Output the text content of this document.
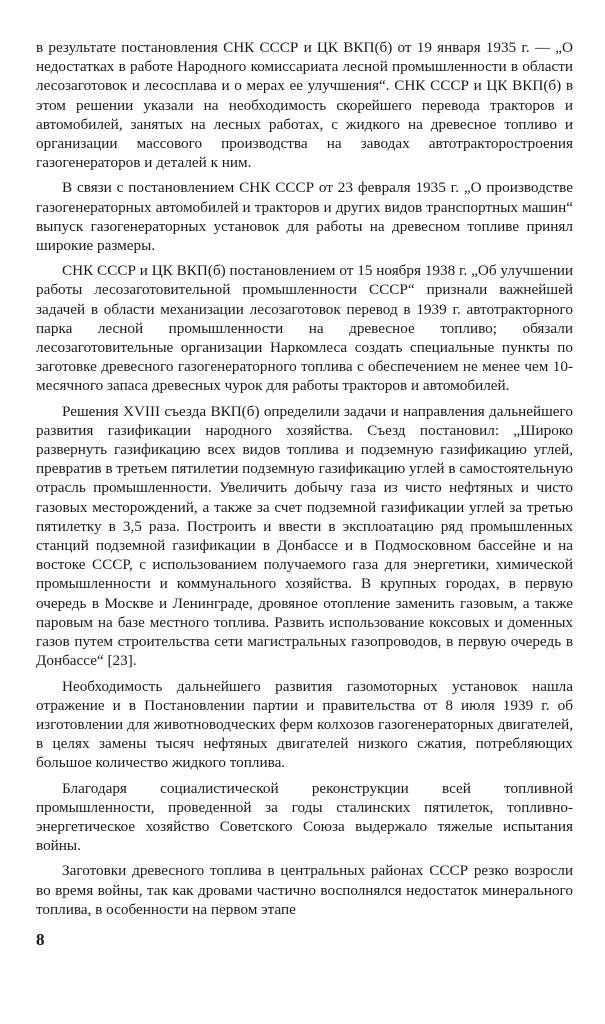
в результате постановления СНК СССР и ЦК ВКП(б) от 19 января 1935 г. — „О недостатках в работе Народного комиссариата лесной промышленности в области лесозаготовок и лесосплава и о мерах ее улучшения“. СНК СССР и ЦК ВКП(б) в этом решении указали на необходимость скорейшего перевода тракторов и автомобилей, занятых на лесных работах, с жидкого на древесное топливо и организации массового производства на заводах автотракторостроения газогенераторов и деталей к ним.

В связи с постановлением СНК СССР от 23 февраля 1935 г. „О производстве газогенераторных автомобилей и тракторов и других видов транспортных машин“ выпуск газогенераторных установок для работы на древесном топливе принял широкие размеры.

СНК СССР и ЦК ВКП(б) постановлением от 15 ноября 1938 г. „Об улучшении работы лесозаготовительной промышленности СССР“ признали важнейшей задачей в области механизации лесозаготовок перевод в 1939 г. автотракторного парка лесной промышленности на древесное топливо; обязали лесозаготовительные организации Наркомлеса создать специальные пункты по заготовке древесного газогенераторного топлива с обеспечением не менее чем 10-месячного запаса древесных чурок для работы тракторов и автомобилей.

Решения XVIII съезда ВКП(б) определили задачи и направления дальнейшего развития газификации народного хозяйства. Съезд постановил: „Широко развернуть газификацию всех видов топлива и подземную газификацию углей, превратив в третьем пятилетии подземную газификацию углей в самостоятельную отрасль промышленности. Увеличить добычу газа из чисто нефтяных и чисто газовых месторождений, а также за счет подземной газификации углей за третью пятилетку в 3,5 раза. Построить и ввести в эксплоатацию ряд промышленных станций подземной газификации в Донбассе и в Подмосковном бассейне и на востоке СССР, с использованием получаемого газа для энергетики, химической промышленности и коммунального хозяйства. В крупных городах, в первую очередь в Москве и Ленинграде, дровяное отопление заменить газовым, а также паровым на базе местного топлива. Развить использование коксовых и доменных газов путем строительства сети магистральных газопроводов, в первую очередь в Донбассе“ [23].

Необходимость дальнейшего развития газомоторных установок нашла отражение и в Постановлении партии и правительства от 8 июля 1939 г. об изготовлении для животноводческих ферм колхозов газогенераторных двигателей, в целях замены тысяч нефтяных двигателей низкого сжатия, потребляющих большое количество жидкого топлива.

Благодаря социалистической реконструкции всей топливной промышленности, проведенной за годы сталинских пятилеток, топливно-энергетическое хозяйство Советского Союза выдержало тяжелые испытания войны.

Заготовки древесного топлива в центральных районах СССР резко возросли во время войны, так как дровами частично восполнялся недостаток минерального топлива, в особенности на первом этапе

8
